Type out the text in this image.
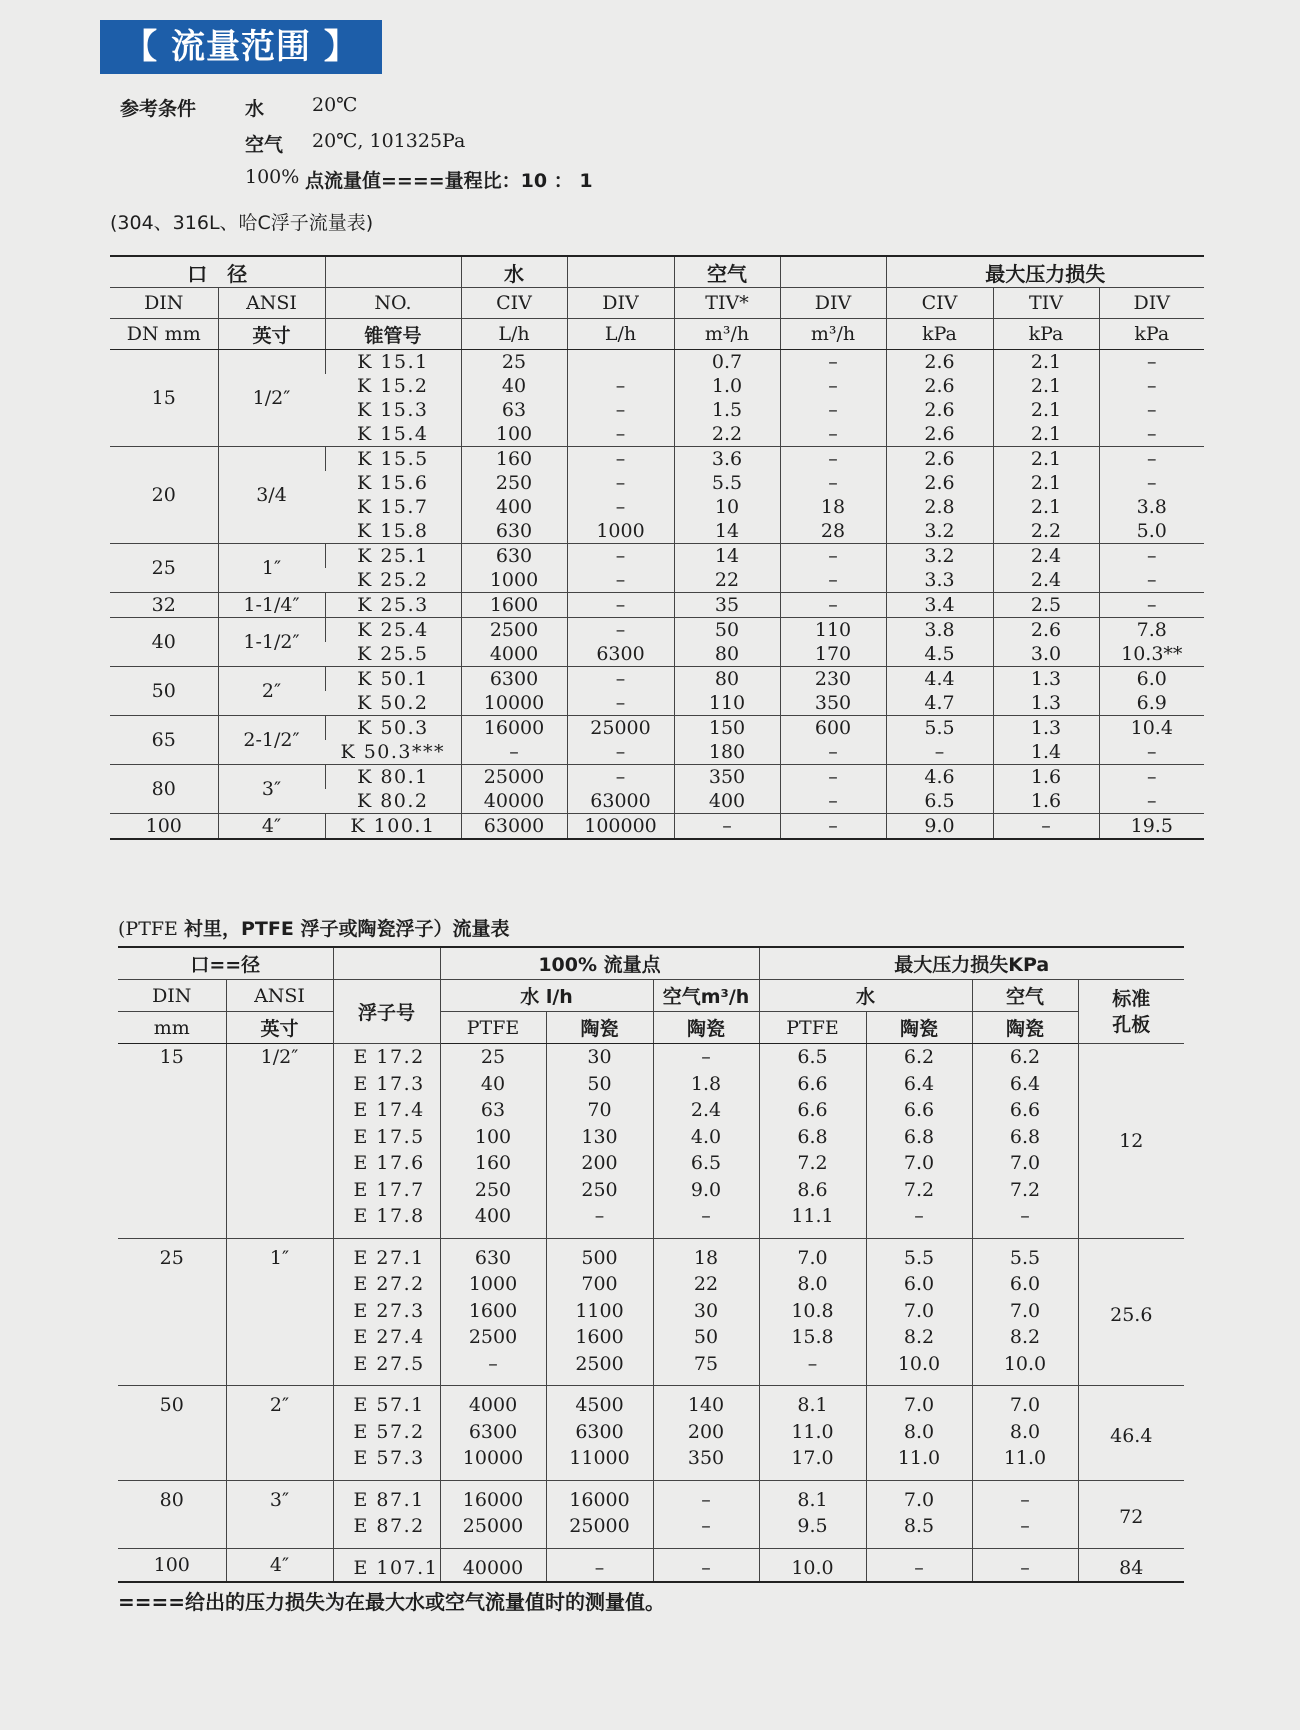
【 流量范围 】
参考条件	水	20℃
空气 20℃, 101325Pa
100% 点流量值====量程比：10 ： 1
(304、316L、哈C浮子流量表)
口　径			水		空气		最大压力损失		
DIN	ANSI	NO.	CIV	DIV	TIV*	DIV	CIV	TIV	DIV
DN mm	英寸	锥管号	L/h	L/h	m³/h	m³/h	kPa	kPa	kPa
15	1/2″	K 15.1	25		0.7	–	2.6	2.1	–
		K 15.2	40	–	1.0	–	2.6	2.1	–
		K 15.3	63	–	1.5	–	2.6	2.1	–
		K 15.4	100	–	2.2	–	2.6	2.1	–
20	3/4	K 15.5	160	–	3.6	–	2.6	2.1	–
		K 15.6	250	–	5.5	–	2.6	2.1	–
		K 15.7	400	–	10	18	2.8	2.1	3.8
		K 15.8	630	1000	14	28	3.2	2.2	5.0
25	1″	K 25.1	630	–	14	–	3.2	2.4	–
		K 25.2	1000	–	22	–	3.3	2.4	–
32	1-1/4″	K 25.3	1600	–	35	–	3.4	2.5	–
40	1-1/2″	K 25.4	2500	–	50	110	3.8	2.6	7.8
		K 25.5	4000	6300	80	170	4.5	3.0	10.3**
50	2″	K 50.1	6300	–	80	230	4.4	1.3	6.0
		K 50.2	10000	–	110	350	4.7	1.3	6.9
65	2-1/2″	K 50.3	16000	25000	150	600	5.5	1.3	10.4
		K 50.3***	–	–	180	–	–	1.4	–
80	3″	K 80.1	25000	–	350	–	4.6	1.6	–
		K 80.2	40000	63000	400	–	6.5	1.6	–
100	4″	K 100.1	63000	100000	–	–	9.0	–	19.5
(PTFE 衬里，PTFE 浮子或陶瓷浮子）流量表
口==径			100% 流量点			最大压力损失KPa			
DIN	ANSI	浮子号	水 l/h		空气m³/h	水		空气	标准孔板
mm	英寸		PTFE	陶瓷	陶瓷	PTFE	陶瓷	陶瓷	
15	1/2″	E 17.2	25	30	–	6.5	6.2	6.2	12
		E 17.3	40	50	1.8	6.6	6.4	6.4	
		E 17.4	63	70	2.4	6.6	6.6	6.6	
		E 17.5	100	130	4.0	6.8	6.8	6.8	
		E 17.6	160	200	6.5	7.2	7.0	7.0	
		E 17.7	250	250	9.0	8.6	7.2	7.2	
		E 17.8	400	–	–	11.1	–	–	
25	1″	E 27.1	630	500	18	7.0	5.5	5.5	25.6
		E 27.2	1000	700	22	8.0	6.0	6.0	
		E 27.3	1600	1100	30	10.8	7.0	7.0	
		E 27.4	2500	1600	50	15.8	8.2	8.2	
		E 27.5	–	2500	75	–	10.0	10.0	
50	2″	E 57.1	4000	4500	140	8.1	7.0	7.0	46.4
		E 57.2	6300	6300	200	11.0	8.0	8.0	
		E 57.3	10000	11000	350	17.0	11.0	11.0	
80	3″	E 87.1	16000	16000	–	8.1	7.0	–	72
		E 87.2	25000	25000	–	9.5	8.5	–	
100	4″	E 107.1	40000	–	–	10.0	–	–	84
====给出的压力损失为在最大水或空气流量值时的测量值。
